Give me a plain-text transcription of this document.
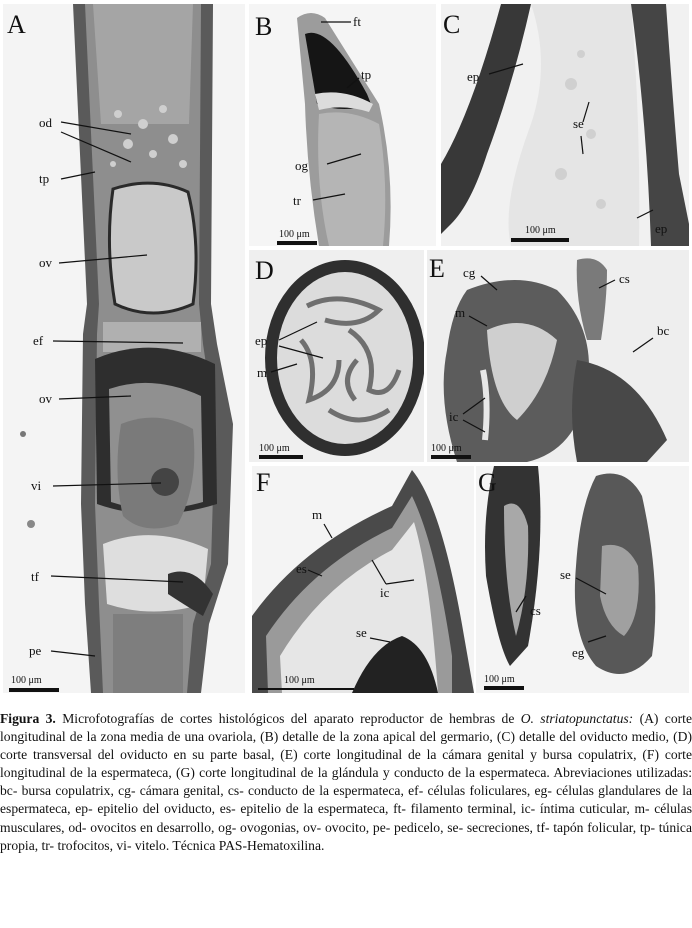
A
od
tp
ov
ef
ov
vi
tf
pe
100 μm
B	ft
tp
og
tr
100 μm
C
ep
se
ep
100 μm
D
ep
m
100 μm
E cg	cs
m
bc
ic
100 μm
F
m
es
ic
se
100 μm
G
se
cs
eg
100 μm

Figura 3. Microfotografías de cortes histológicos del aparato reproductor de hembras de O. striatopunctatus: (A) corte longitudinal de la zona media de una ovariola, (B) detalle de la zona apical del germario, (C) detalle del oviducto medio, (D) corte transversal del oviducto en su parte basal, (E) corte longitudinal de la cámara genital y bursa copulatrix, (F) corte longitudinal de la espermateca, (G) corte longitudinal de la glándula y conducto de la espermateca. Abreviaciones utilizadas: bc- bursa copulatrix, cg- cámara genital, cs- conducto de la espermateca, ef- células foliculares, eg- células glandulares de la espermateca, ep- epitelio del oviducto, es- epitelio de la espermateca, ft- filamento terminal, ic- íntima cuticular, m- células musculares, od- ovocitos en desarrollo, og- ovogonias, ov- ovocito, pe- pedicelo, se- secreciones, tf- tapón folicular, tp- túnica propia, tr- trofocitos, vi- vitelo. Técnica PAS-Hematoxilina.
